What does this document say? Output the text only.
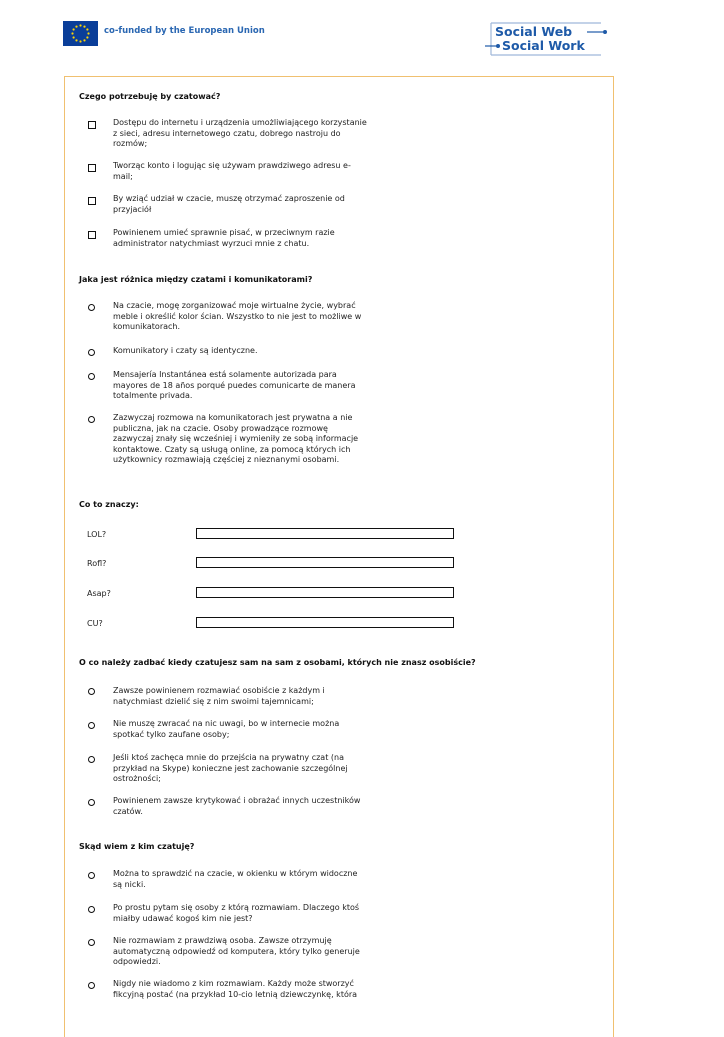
co-funded by the European Union	Social Web
Social Work
Czego potrzebuję by czatować?
Dostępu do internetu i urządzenia umożliwiającego korzystanie z sieci, adresu internetowego czatu, dobrego nastroju do rozmów;
Tworząc konto i logując się używam prawdziwego adresu e-mail;
By wziąć udział w czacie, muszę otrzymać zaproszenie od przyjaciół
Powinienem umieć sprawnie pisać, w przeciwnym razie administrator natychmiast wyrzuci mnie z chatu.
Jaka jest różnica między czatami i komunikatorami?
Na czacie, mogę zorganizować moje wirtualne życie, wybrać meble i określić kolor ścian. Wszystko to nie jest to możliwe w komunikatorach.
Komunikatory i czaty są identyczne.
Mensajería Instantánea está solamente autorizada para mayores de 18 años porqué puedes comunicarte de manera totalmente privada.
Zazwyczaj rozmowa na komunikatorach jest prywatna a nie publiczna, jak na czacie. Osoby prowadzące rozmowę zazwyczaj znały się wcześniej i wymieniły ze sobą informacje kontaktowe. Czaty są usługą online, za pomocą których ich użytkownicy rozmawiają częściej z nieznanymi osobami.
Co to znaczy:
LOL?
Rofl?
Asap?
CU?
O co należy zadbać kiedy czatujesz sam na sam z osobami, których nie znasz osobiście?
Zawsze powinienem rozmawiać osobiście z każdym i natychmiast dzielić się z nim swoimi tajemnicami;
Nie muszę zwracać na nic uwagi, bo w internecie można spotkać tylko zaufane osoby;
Jeśli ktoś zachęca mnie do przejścia na prywatny czat (na przykład na Skype) konieczne jest zachowanie szczególnej ostrożności;
Powinienem zawsze krytykować i obrażać innych uczestników czatów.
Skąd wiem z kim czatuję?
Można to sprawdzić na czacie, w okienku w którym widoczne są nicki.
Po prostu pytam się osoby z którą rozmawiam. Dlaczego ktoś miałby udawać kogoś kim nie jest?
Nie rozmawiam z prawdziwą osoba. Zawsze otrzymuję automatyczną odpowiedź od komputera, który tylko generuje odpowiedzi.
Nigdy nie wiadomo z kim rozmawiam. Każdy może stworzyć fikcyjną postać (na przykład 10-cio letnią dziewczynkę, która
